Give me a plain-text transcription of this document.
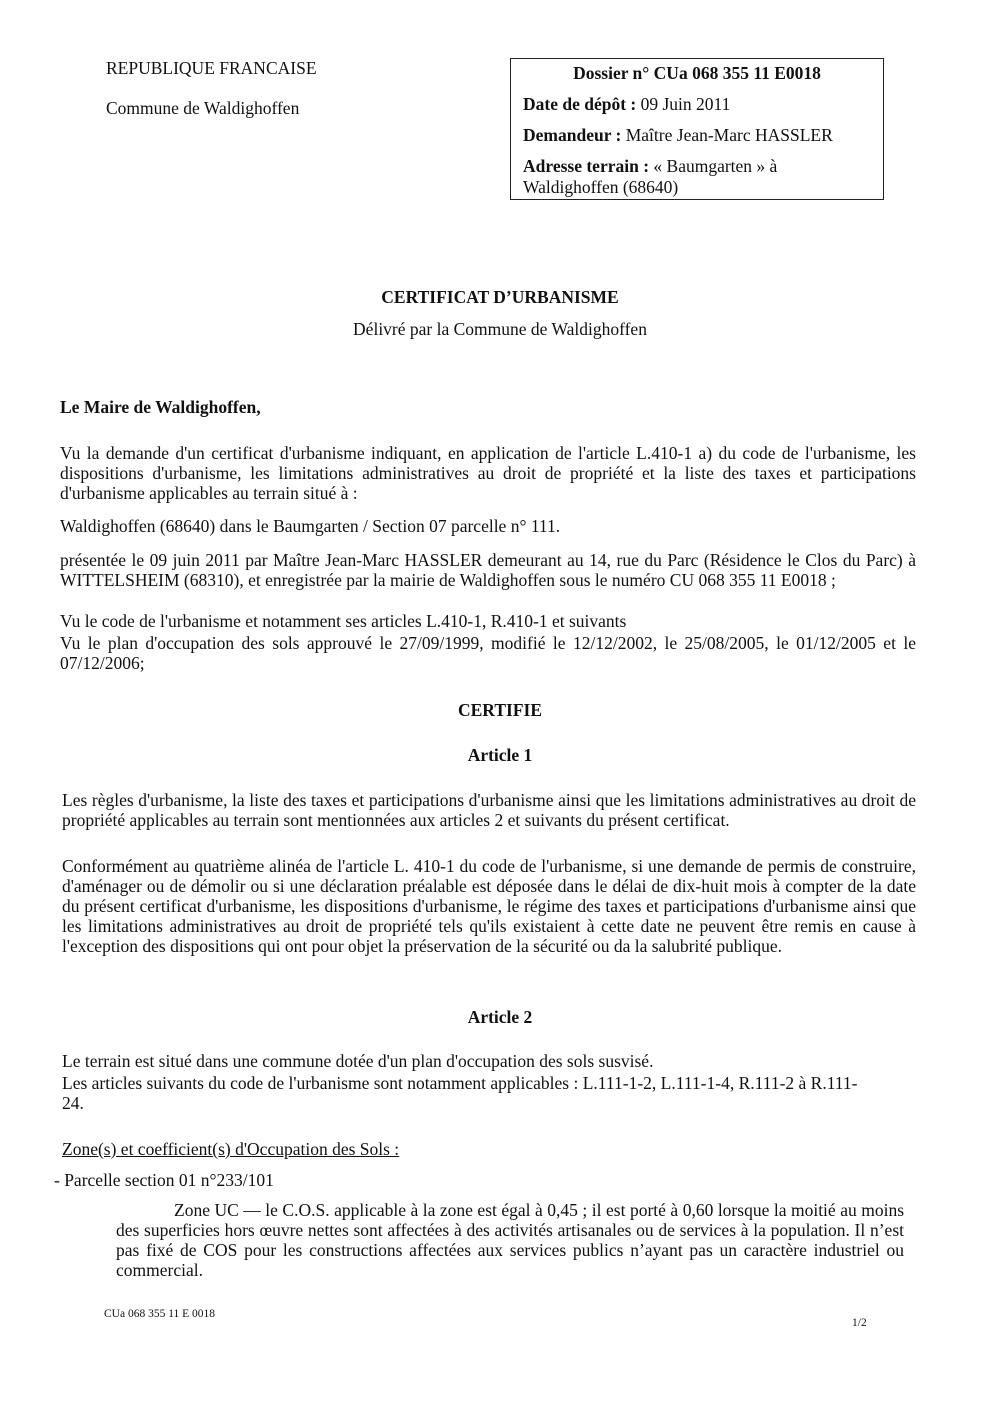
REPUBLIQUE FRANCAISE
Commune de Waldighoffen
Dossier n° CUa 068 355 11 E0018
Date de dépôt : 09 Juin 2011
Demandeur : Maître Jean-Marc HASSLER
Adresse terrain : « Baumgarten » à
Waldighoffen (68640)
CERTIFICAT D’URBANISME
Délivré par la Commune de Waldighoffen
Le Maire de Waldighoffen,
Vu la demande d'un certificat d'urbanisme indiquant, en application de l'article L.410-1 a) du code de l'urbanisme, les dispositions d'urbanisme, les limitations administratives au droit de propriété et la liste des taxes et participations d'urbanisme applicables au terrain situé à :
Waldighoffen (68640) dans le Baumgarten / Section 07 parcelle n° 111.
présentée le 09 juin 2011 par Maître Jean-Marc HASSLER demeurant au 14, rue du Parc (Résidence le Clos du Parc) à WITTELSHEIM (68310), et enregistrée par la mairie de Waldighoffen sous le numéro CU 068 355 11 E0018 ;
Vu le code de l'urbanisme et notamment ses articles L.410-1, R.410-1 et suivants
Vu le plan d'occupation des sols approuvé le 27/09/1999, modifié le 12/12/2002, le 25/08/2005, le 01/12/2005 et le 07/12/2006;
CERTIFIE
Article 1
Les règles d'urbanisme, la liste des taxes et participations d'urbanisme ainsi que les limitations administratives au droit de propriété applicables au terrain sont mentionnées aux articles 2 et suivants du présent certificat.
Conformément au quatrième alinéa de l'article L. 410-1 du code de l'urbanisme, si une demande de permis de construire, d'aménager ou de démolir ou si une déclaration préalable est déposée dans le délai de dix-huit mois à compter de la date du présent certificat d'urbanisme, les dispositions d'urbanisme, le régime des taxes et participations d'urbanisme ainsi que les limitations administratives au droit de propriété tels qu'ils existaient à cette date ne peuvent être remis en cause à l'exception des dispositions qui ont pour objet la préservation de la sécurité ou da la salubrité publique.
Article 2
Le terrain est situé dans une commune dotée d'un plan d'occupation des sols susvisé.
Les articles suivants du code de l'urbanisme sont notamment applicables : L.111-1-2, L.111-1-4, R.111-2 à R.111-24.
Zone(s) et coefficient(s) d'Occupation des Sols :
- Parcelle section 01 n°233/101
Zone UC — le C.O.S. applicable à la zone est égal à 0,45 ; il est porté à 0,60 lorsque la moitié au moins des superficies hors œuvre nettes sont affectées à des activités artisanales ou de services à la population. Il n’est pas fixé de COS pour les constructions affectées aux services publics n’ayant pas un caractère industriel ou commercial.
CUa 068 355 11 E 0018
1/2
